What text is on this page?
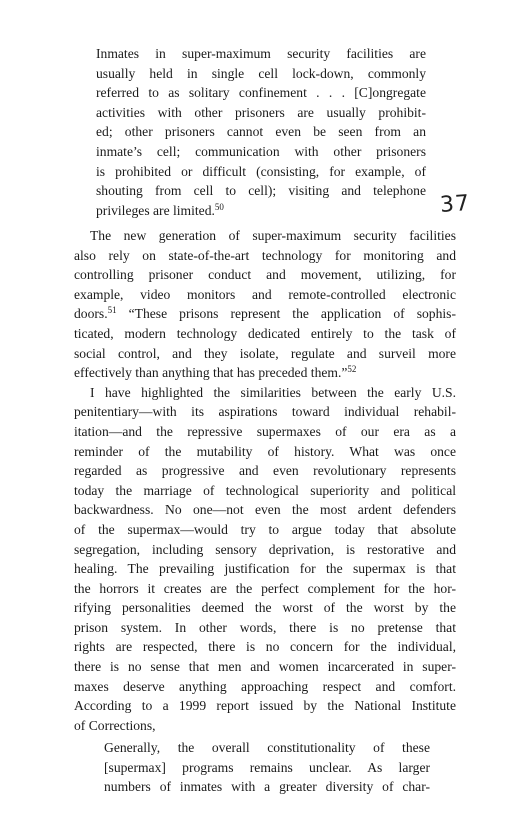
Inmates in super-maximum security facilities are
usually held in single cell lock-down, commonly
referred to as solitary confinement . . . [C]ongregate
activities with other prisoners are usually prohibit-
ed; other prisoners cannot even be seen from an
inmate’s cell; communication with other prisoners
is prohibited or difficult (consisting, for example, of
shouting from cell to cell); visiting and telephone
privileges are limited.$^{50}$	37
The new generation of super-maximum security facilities
also rely on state-of-the-art technology for monitoring and
controlling prisoner conduct and movement, utilizing, for
example, video monitors and remote-controlled electronic
doors.$^{51}$ “These prisons represent the application of sophis-
ticated, modern technology dedicated entirely to the task of
social control, and they isolate, regulate and surveil more
effectively than anything that has preceded them.”$^{52}$
I have highlighted the similarities between the early U.S.
penitentiary—with its aspirations toward individual rehabil-
itation—and the repressive supermaxes of our era as a
reminder of the mutability of history. What was once
regarded as progressive and even revolutionary represents
today the marriage of technological superiority and political
backwardness. No one—not even the most ardent defenders
of the supermax—would try to argue today that absolute
segregation, including sensory deprivation, is restorative and
healing. The prevailing justification for the supermax is that
the horrors it creates are the perfect complement for the hor-
rifying personalities deemed the worst of the worst by the
prison system. In other words, there is no pretense that
rights are respected, there is no concern for the individual,
there is no sense that men and women incarcerated in super-
maxes deserve anything approaching respect and comfort.
According to a 1999 report issued by the National Institute
of Corrections,
Generally, the overall constitutionality of these
[supermax] programs remains unclear. As larger
numbers of inmates with a greater diversity of char-
